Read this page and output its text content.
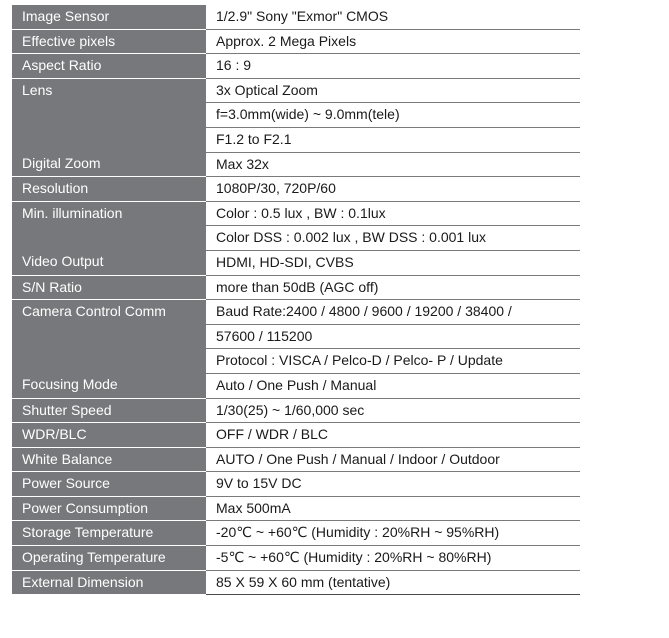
Image Sensor	1/2.9" Sony "Exmor" CMOS
Effective pixels	Approx. 2 Mega Pixels
Aspect Ratio	16 : 9
Lens	3x Optical Zoom
	f=3.0mm(wide) ~ 9.0mm(tele)
	F1.2 to F2.1
Digital Zoom	Max 32x
Resolution	1080P/30, 720P/60
Min. illumination	Color : 0.5 lux , BW : 0.1lux
	Color DSS : 0.002 lux , BW DSS : 0.001 lux
Video Output	HDMI, HD-SDI, CVBS
S/N Ratio	more than 50dB (AGC off)
Camera Control Comm	Baud Rate:2400 / 4800 / 9600 / 19200 / 38400 /
	57600 / 115200
	Protocol : VISCA / Pelco-D / Pelco- P / Update
Focusing Mode	Auto / One Push / Manual
Shutter Speed	1/30(25) ~ 1/60,000 sec
WDR/BLC	OFF / WDR / BLC
White Balance	AUTO / One Push / Manual / Indoor / Outdoor
Power Source	9V to 15V DC
Power Consumption	Max 500mA
Storage Temperature	-20℃ ~ +60℃ (Humidity : 20%RH ~ 95%RH)
Operating Temperature	-5℃ ~ +60℃ (Humidity : 20%RH ~ 80%RH)
External Dimension	85 X 59 X 60 mm (tentative)
